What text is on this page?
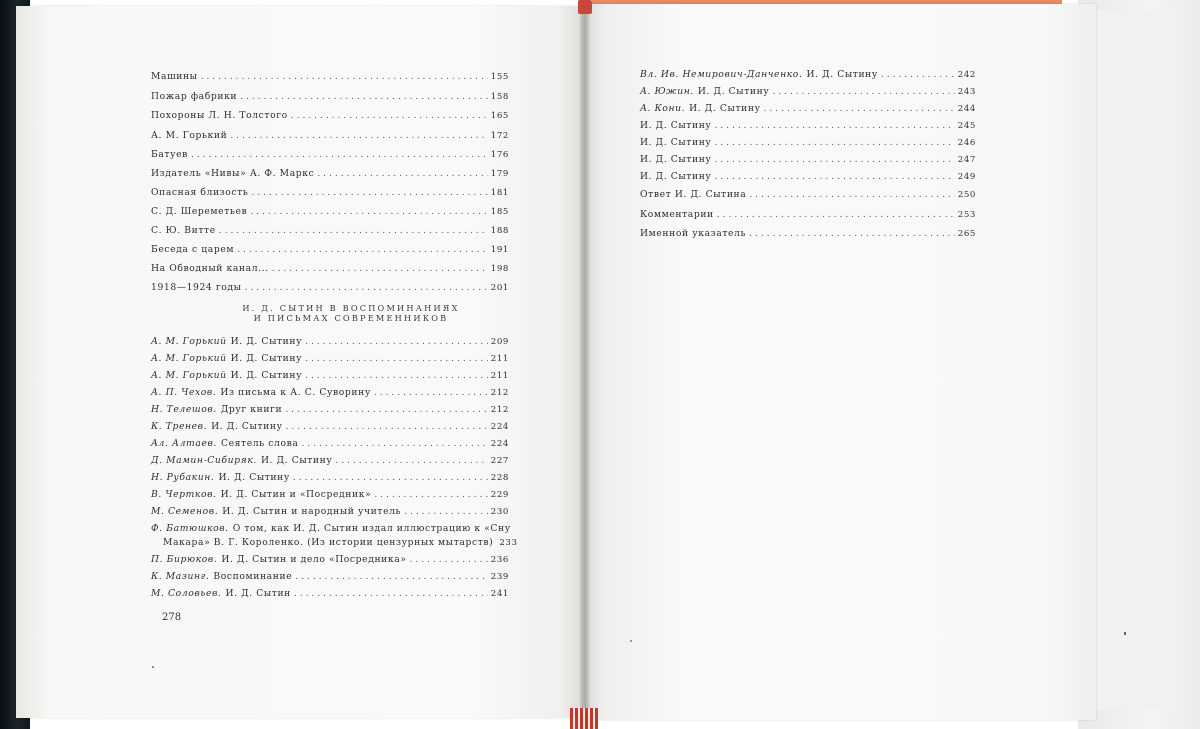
Машины . . .	155
Пожар фабрики . . .	158
Похороны Л. Н. Толстого . . .	165
А. М. Горький . . .	172
Батуев . . .	176
Издатель «Нивы» А. Ф. Маркс . . .	179
Опасная близость . . .	181
С. Д. Шереметьев . . .	185
С. Ю. Витте . . .	188
Беседа с царем . . .	191
На Обводный канал... . . .	198
1918—1924 годы . . .	201
И. Д. СЫТИН В ВОСПОМИНАНИЯХ
И ПИСЬМАХ СОВРЕМЕННИКОВ
А. М. Горький И. Д. Сытину . . .	209
А. М. Горький И. Д. Сытину . . .	211
А. М. Горький И. Д. Сытину . . .	211
А. П. Чехов. Из письма к А. С. Суворину . . .	212
Н. Телешов. Друг книги . . .	212
К. Тренев. И. Д. Сытину . . .	224
Ал. Алтаев. Сеятель слова . . .	224
Д. Мамин-Сибиряк. И. Д. Сытину . . .	227
Н. Рубакин. И. Д. Сытину . . .	228
В. Чертков. И. Д. Сытин и «Посредник» . . .	229
М. Семенов. И. Д. Сытин и народный учитель . . .	230
Ф. Батюшков. О том, как И. Д. Сытин издал иллюстрацию к «Сну
Макара» В. Г. Короленко. (Из истории цензурных мытарств) 233
П. Бирюков. И. Д. Сытин и дело «Посредника» . . .	236
К. Мазинг. Воспоминание . . .	239
М. Соловьев. И. Д. Сытин . . .	241
278
Вл. Ив. Немирович-Данченко. И. Д. Сытину . . .	242
А. Южин. И. Д. Сытину . . .	243
А. Кони. И. Д. Сытину . . .	244
И. Д. Сытину . . .	245
И. Д. Сытину . . .	246
И. Д. Сытину . . .	247
И. Д. Сытину . . .	249
Ответ И. Д. Сытина . . .	250
Комментарии . . .	253
Именной указатель . . .	265
